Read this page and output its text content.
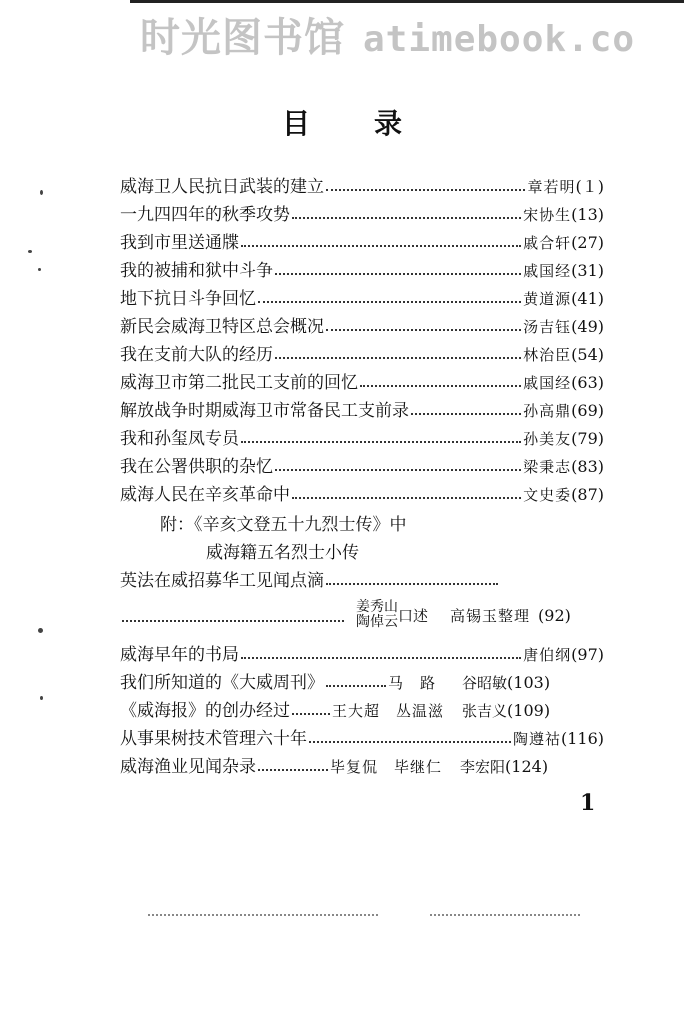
时光图书馆 atimebook.co
目录
威海卫人民抗日武装的建立	章若明 (１)
一九四四年的秋季攻势	宋协生 (13)
我到市里送通牒	戚合轩 (27)
我的被捕和狱中斗争	戚国经 (31)
地下抗日斗争回忆	黄道源 (41)
新民会威海卫特区总会概况	汤吉钰 (49)
我在支前大队的经历	林治臣 (54)
威海卫市第二批民工支前的回忆	戚国经 (63)
解放战争时期威海卫市常备民工支前录	孙高鼎 (69)
我和孙玺凤专员	孙美友 (79)
我在公署供职的杂忆	梁秉志 (83)
威海人民在辛亥革命中	文史委 (87)
附：《辛亥文登五十九烈士传》中
威海籍五名烈士小传
英法在威招募华工见闻点滴
姜秀山
陶倬云 口述 高锡玉整理 (92)
威海早年的书局	唐伯纲 (97)
我们所知道的《大威周刊》	马　路 谷昭敏 (103)
《威海报》的创办经过	王大超　丛温滋 张吉义 (109)
从事果树技术管理六十年	陶遵祜 (116)
威海渔业见闻杂录	毕复侃　毕继仁 李宏阳 (124)
1
